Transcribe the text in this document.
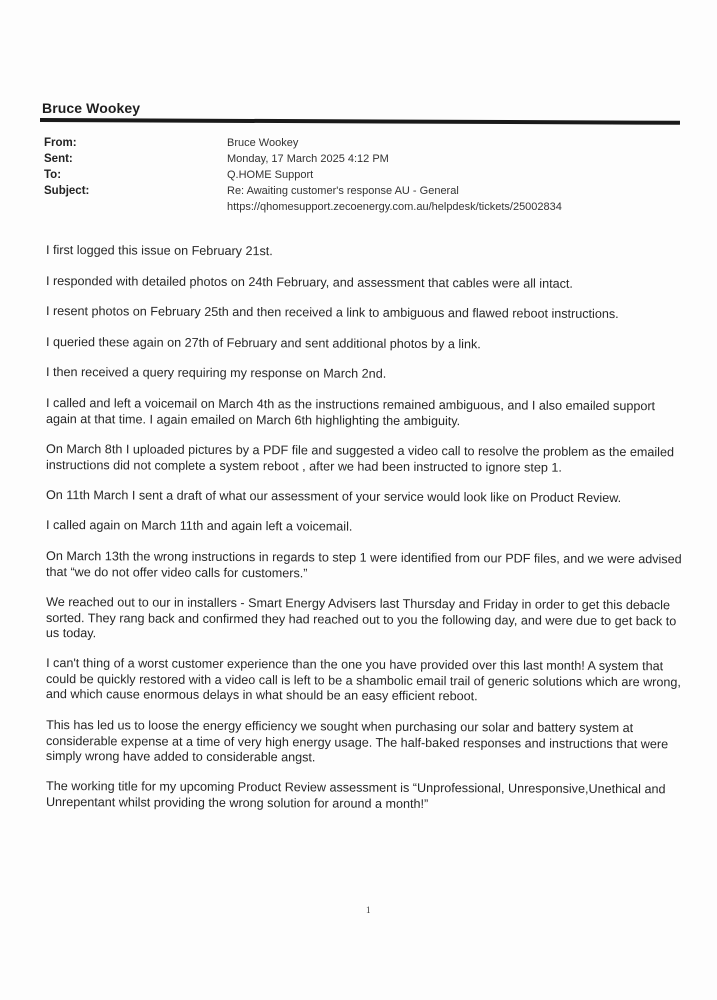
Bruce Wookey
From:	Bruce Wookey
Sent:	Monday, 17 March 2025 4:12 PM
To:	Q.HOME Support
Subject:	Re: Awaiting customer's response AU - General
https://qhomesupport.zecoenergy.com.au/helpdesk/tickets/25002834

I first logged this issue on February 21st.

I responded with detailed photos on 24th February, and assessment that cables were all intact.

I resent photos on February 25th and then received a link to ambiguous and flawed reboot instructions.

I queried these again on 27th of February and sent additional photos by a link.

I then received a query requiring my response on March 2nd.

I called and left a voicemail on March 4th as the instructions remained ambiguous, and I also emailed support again at that time. I again emailed on March 6th highlighting the ambiguity.

On March 8th I uploaded pictures by a PDF file and suggested a video call to resolve the problem as the emailed instructions did not complete a system reboot , after we had been instructed to ignore step 1.

On 11th March I sent a draft of what our assessment of your service would look like on Product Review.

I called again on March 11th and again left a voicemail.

On March 13th the wrong instructions in regards to step 1 were identified from our PDF files, and we were advised that “we do not offer video calls for customers.”

We reached out to our in installers - Smart Energy Advisers last Thursday and Friday in order to get this debacle sorted. They rang back and confirmed they had reached out to you the following day, and were due to get back to us today.

I can't thing of a worst customer experience than the one you have provided over this last month! A system that could be quickly restored with a video call is left to be a shambolic email trail of generic solutions which are wrong, and which cause enormous delays in what should be an easy efficient reboot.

This has led us to loose the energy efficiency we sought when purchasing our solar and battery system at considerable expense at a time of very high energy usage. The half-baked responses and instructions that were simply wrong have added to considerable angst.

The working title for my upcoming Product Review assessment is “Unprofessional, Unresponsive,Unethical and Unrepentant whilst providing the wrong solution for around a month!”

1
